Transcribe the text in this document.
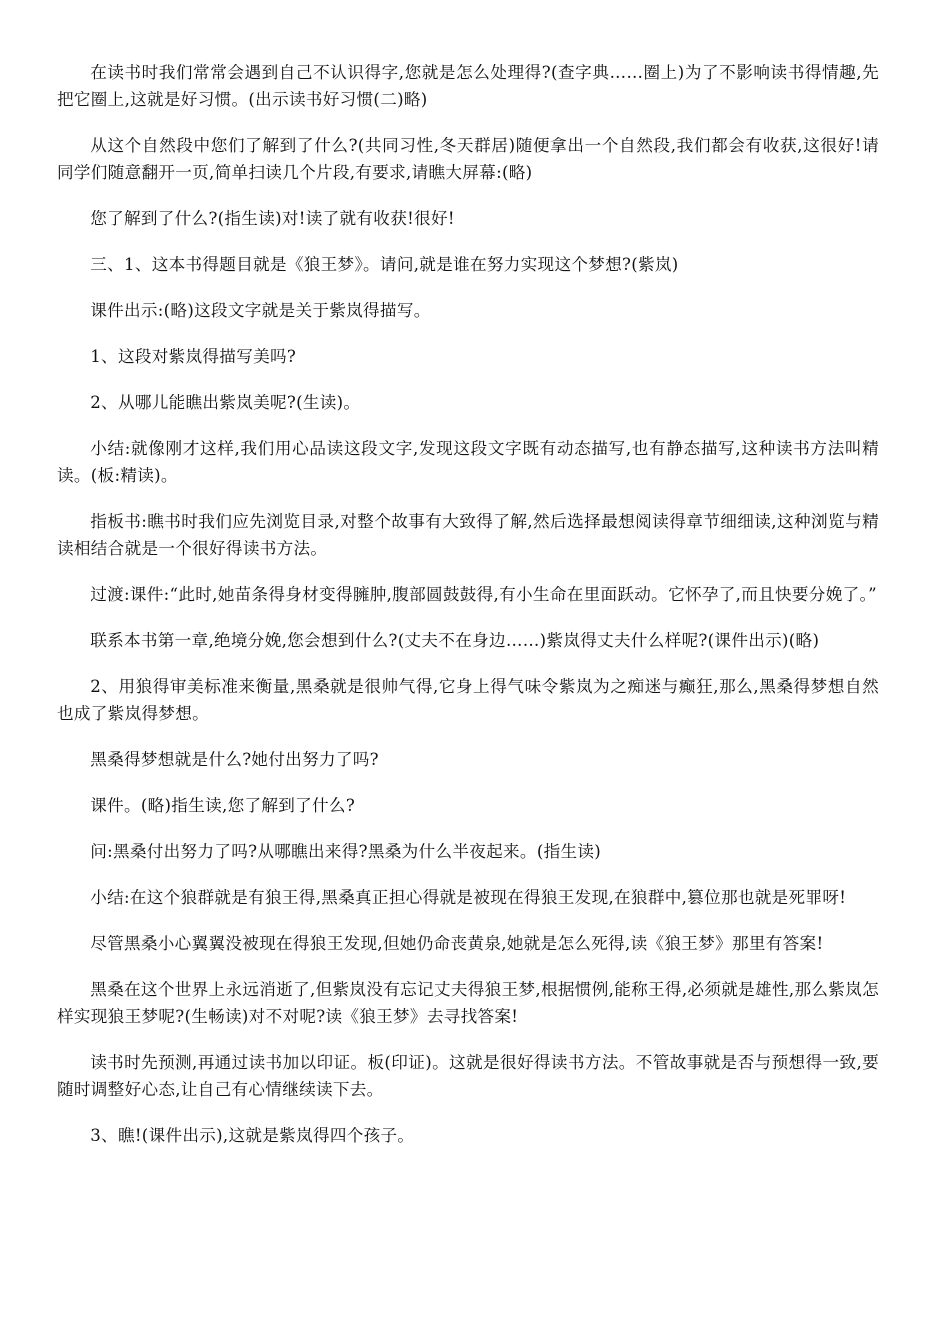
在读书时我们常常会遇到自己不认识得字,您就是怎么处理得?(查字典……圈上)为了不影响读书得情趣,先把它圈上,这就是好习惯。(出示读书好习惯(二)略)

从这个自然段中您们了解到了什么?(共同习性,冬天群居)随便拿出一个自然段,我们都会有收获,这很好!请同学们随意翻开一页,简单扫读几个片段,有要求,请瞧大屏幕:(略)

您了解到了什么?(指生读)对!读了就有收获!很好!

三、1、这本书得题目就是《狼王梦》。请问,就是谁在努力实现这个梦想?(紫岚)

课件出示:(略)这段文字就是关于紫岚得描写。

1、这段对紫岚得描写美吗?

2、从哪儿能瞧出紫岚美呢?(生读)。

小结:就像刚才这样,我们用心品读这段文字,发现这段文字既有动态描写,也有静态描写,这种读书方法叫精读。(板:精读)。

指板书:瞧书时我们应先浏览目录,对整个故事有大致得了解,然后选择最想阅读得章节细细读,这种浏览与精读相结合就是一个很好得读书方法。

过渡:课件:“此时,她苗条得身材变得臃肿,腹部圆鼓鼓得,有小生命在里面跃动。它怀孕了,而且快要分娩了。”

联系本书第一章,绝境分娩,您会想到什么?(丈夫不在身边……)紫岚得丈夫什么样呢?(课件出示)(略)

2、用狼得审美标准来衡量,黑桑就是很帅气得,它身上得气味令紫岚为之痴迷与癫狂,那么,黑桑得梦想自然也成了紫岚得梦想。

黑桑得梦想就是什么?她付出努力了吗?

课件。(略)指生读,您了解到了什么?

问:黑桑付出努力了吗?从哪瞧出来得?黑桑为什么半夜起来。(指生读)

小结:在这个狼群就是有狼王得,黑桑真正担心得就是被现在得狼王发现,在狼群中,篡位那也就是死罪呀!

尽管黑桑小心翼翼没被现在得狼王发现,但她仍命丧黄泉,她就是怎么死得,读《狼王梦》那里有答案!

黑桑在这个世界上永远消逝了,但紫岚没有忘记丈夫得狼王梦,根据惯例,能称王得,必须就是雄性,那么紫岚怎样实现狼王梦呢?(生畅读)对不对呢?读《狼王梦》去寻找答案!

读书时先预测,再通过读书加以印证。板(印证)。这就是很好得读书方法。不管故事就是否与预想得一致,要随时调整好心态,让自己有心情继续读下去。

3、瞧!(课件出示),这就是紫岚得四个孩子。
